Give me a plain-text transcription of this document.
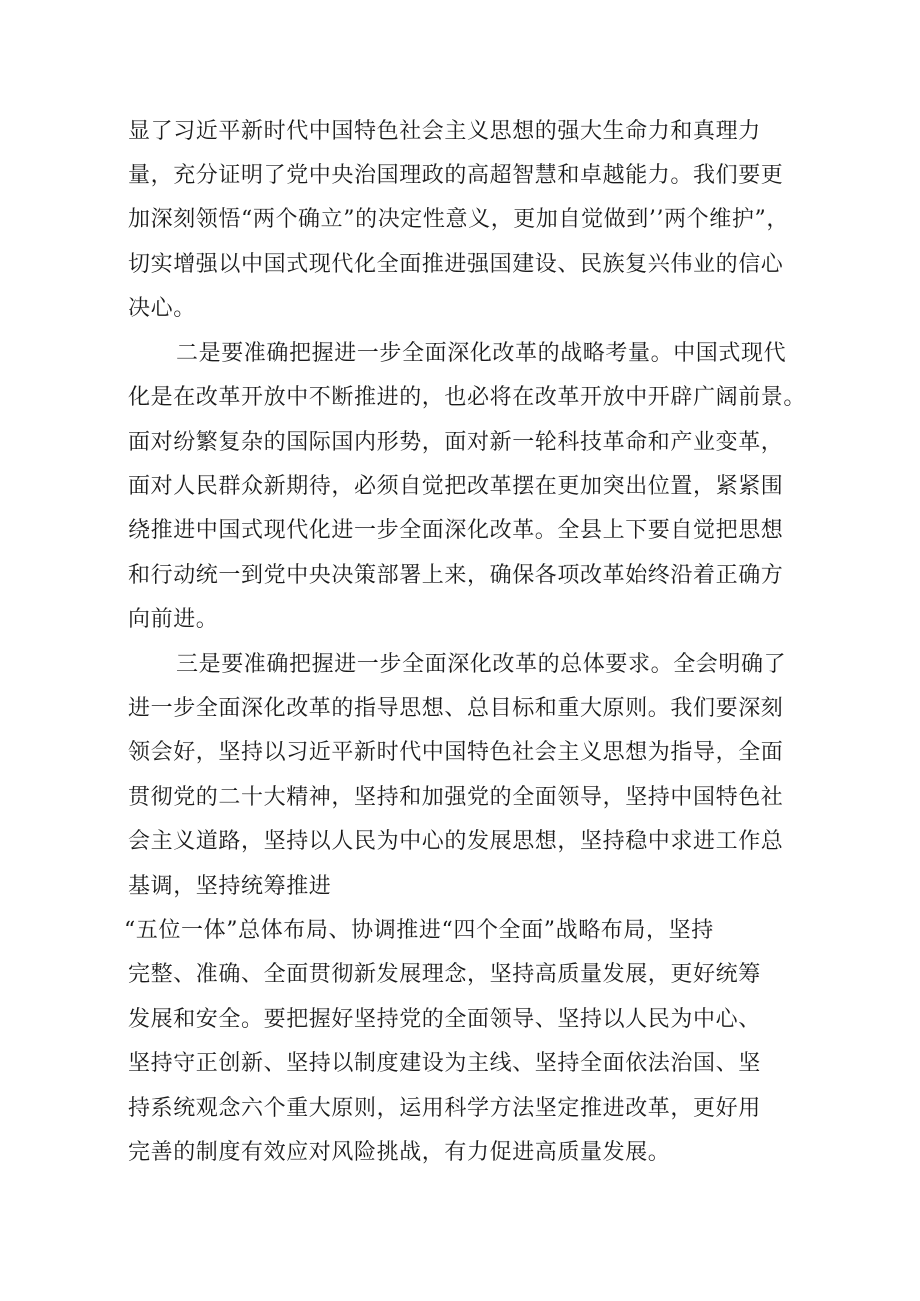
显了习近平新时代中国特色社会主义思想的强大生命力和真理力

量，充分证明了党中央治国理政的高超智慧和卓越能力。我们要更

加深刻领悟“两个确立”的决定性意义，更加自觉做到’’两个维护”，

切实增强以中国式现代化全面推进强国建设、民族复兴伟业的信心

决心。

二是要准确把握进一步全面深化改革的战略考量。中国式现代

化是在改革开放中不断推进的，也必将在改革开放中开辟广阔前景。

面对纷繁复杂的国际国内形势，面对新一轮科技革命和产业变革，

面对人民群众新期待，必须自觉把改革摆在更加突出位置，紧紧围

绕推进中国式现代化进一步全面深化改革。全县上下要自觉把思想

和行动统一到党中央决策部署上来，确保各项改革始终沿着正确方

向前进。

三是要准确把握进一步全面深化改革的总体要求。全会明确了

进一步全面深化改革的指导思想、总目标和重大原则。我们要深刻

领会好，坚持以习近平新时代中国特色社会主义思想为指导，全面

贯彻党的二十大精神，坚持和加强党的全面领导，坚持中国特色社

会主义道路，坚持以人民为中心的发展思想，坚持稳中求进工作总

基调，坚持统筹推进

“五位一体”总体布局、协调推进“四个全面”战略布局，坚持

完整、准确、全面贯彻新发展理念，坚持高质量发展，更好统筹

发展和安全。要把握好坚持党的全面领导、坚持以人民为中心、

坚持守正创新、坚持以制度建设为主线、坚持全面依法治国、坚

持系统观念六个重大原则，运用科学方法坚定推进改革，更好用

完善的制度有效应对风险挑战，有力促进高质量发展。
